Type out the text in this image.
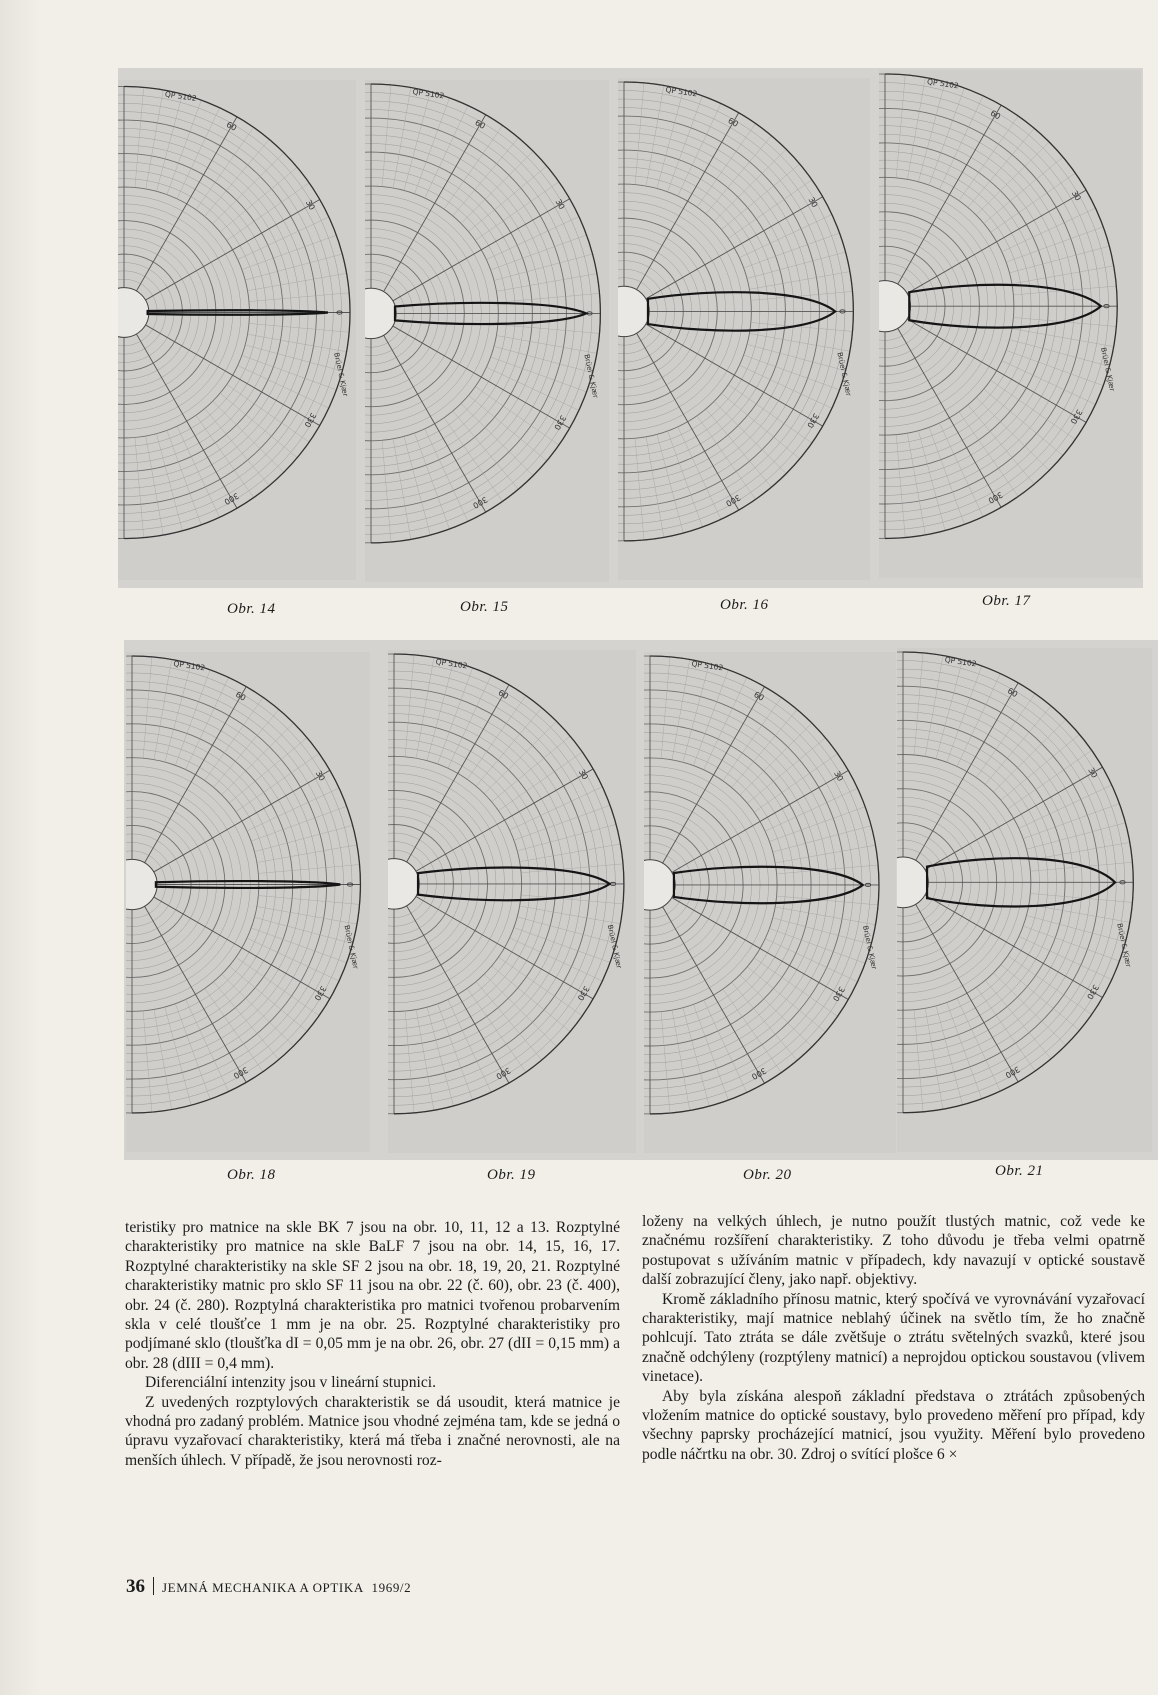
60
30
0
330
300
QP 5102
Brüel & Kjær
60
30
0
330
300
QP 5102
Brüel & Kjær
60
30
0
330
300
QP 5102
Brüel & Kjær
60
30
0
330
300
QP 5102
Brüel & Kjær
Obr. 14	Obr. 15	Obr. 16	Obr. 17
60
30
0
330
300
QP 5102
Brüel & Kjær
60
30
0
330
300
QP 5102
Brüel & Kjær
60
30
0
330
300
QP 5102
Brüel & Kjær
60
30
0
330
300
QP 5102
Brüel & Kjær
Obr. 18	Obr. 19	Obr. 20	Obr. 21

teristiky pro matnice na skle BK 7 jsou na obr. 10, 11, 12 a 13. Rozptylné charakteristiky pro matnice na skle BaLF 7 jsou na obr. 14, 15, 16, 17. Rozptylné charakteristiky na skle SF 2 jsou na obr. 18, 19, 20, 21. Rozptylné charakteristiky matnic pro sklo SF 11 jsou na obr. 22 (č. 60), obr. 23 (č. 400), obr. 24 (č. 280). Rozptylná charakteristika pro matnici tvořenou probarvením skla v celé tloušťce 1 mm je na obr. 25. Rozptylné charakteristiky pro podjímané sklo (tloušťka dI = 0,05 mm je na obr. 26, obr. 27 (dII = 0,15 mm) a obr. 28 (dIII = 0,4 mm).

Diferenciální intenzity jsou v lineární stupnici.

Z uvedených rozptylových charakteristik se dá usoudit, která matnice je vhodná pro zadaný problém. Matnice jsou vhodné zejména tam, kde se jedná o úpravu vyzařovací charakteristiky, která má třeba i značné nerovnosti, ale na menších úhlech. V případě, že jsou nerovnosti roz-

loženy na velkých úhlech, je nutno použít tlustých matnic, což vede ke značnému rozšíření charakteristiky. Z toho důvodu je třeba velmi opatrně postupovat s užíváním matnic v případech, kdy navazují v optické soustavě další zobrazující členy, jako např. objektivy.

Kromě základního přínosu matnic, který spočívá ve vyrovnávání vyzařovací charakteristiky, mají matnice neblahý účinek na světlo tím, že ho značně pohlcují. Tato ztráta se dále zvětšuje o ztrátu světelných svazků, které jsou značně odchýleny (rozptýleny matnicí) a neprojdou optickou soustavou (vlivem vinetace).

Aby byla získána alespoň základní představa o ztrátách způsobených vložením matnice do optické soustavy, bylo provedeno měření pro případ, kdy všechny paprsky procházející matnicí, jsou využity. Měření bylo provedeno podle náčrtku na obr. 30. Zdroj o svítící plošce 6 ×

36 JEMNÁ MECHANIKA A OPTIKA 1969/2
